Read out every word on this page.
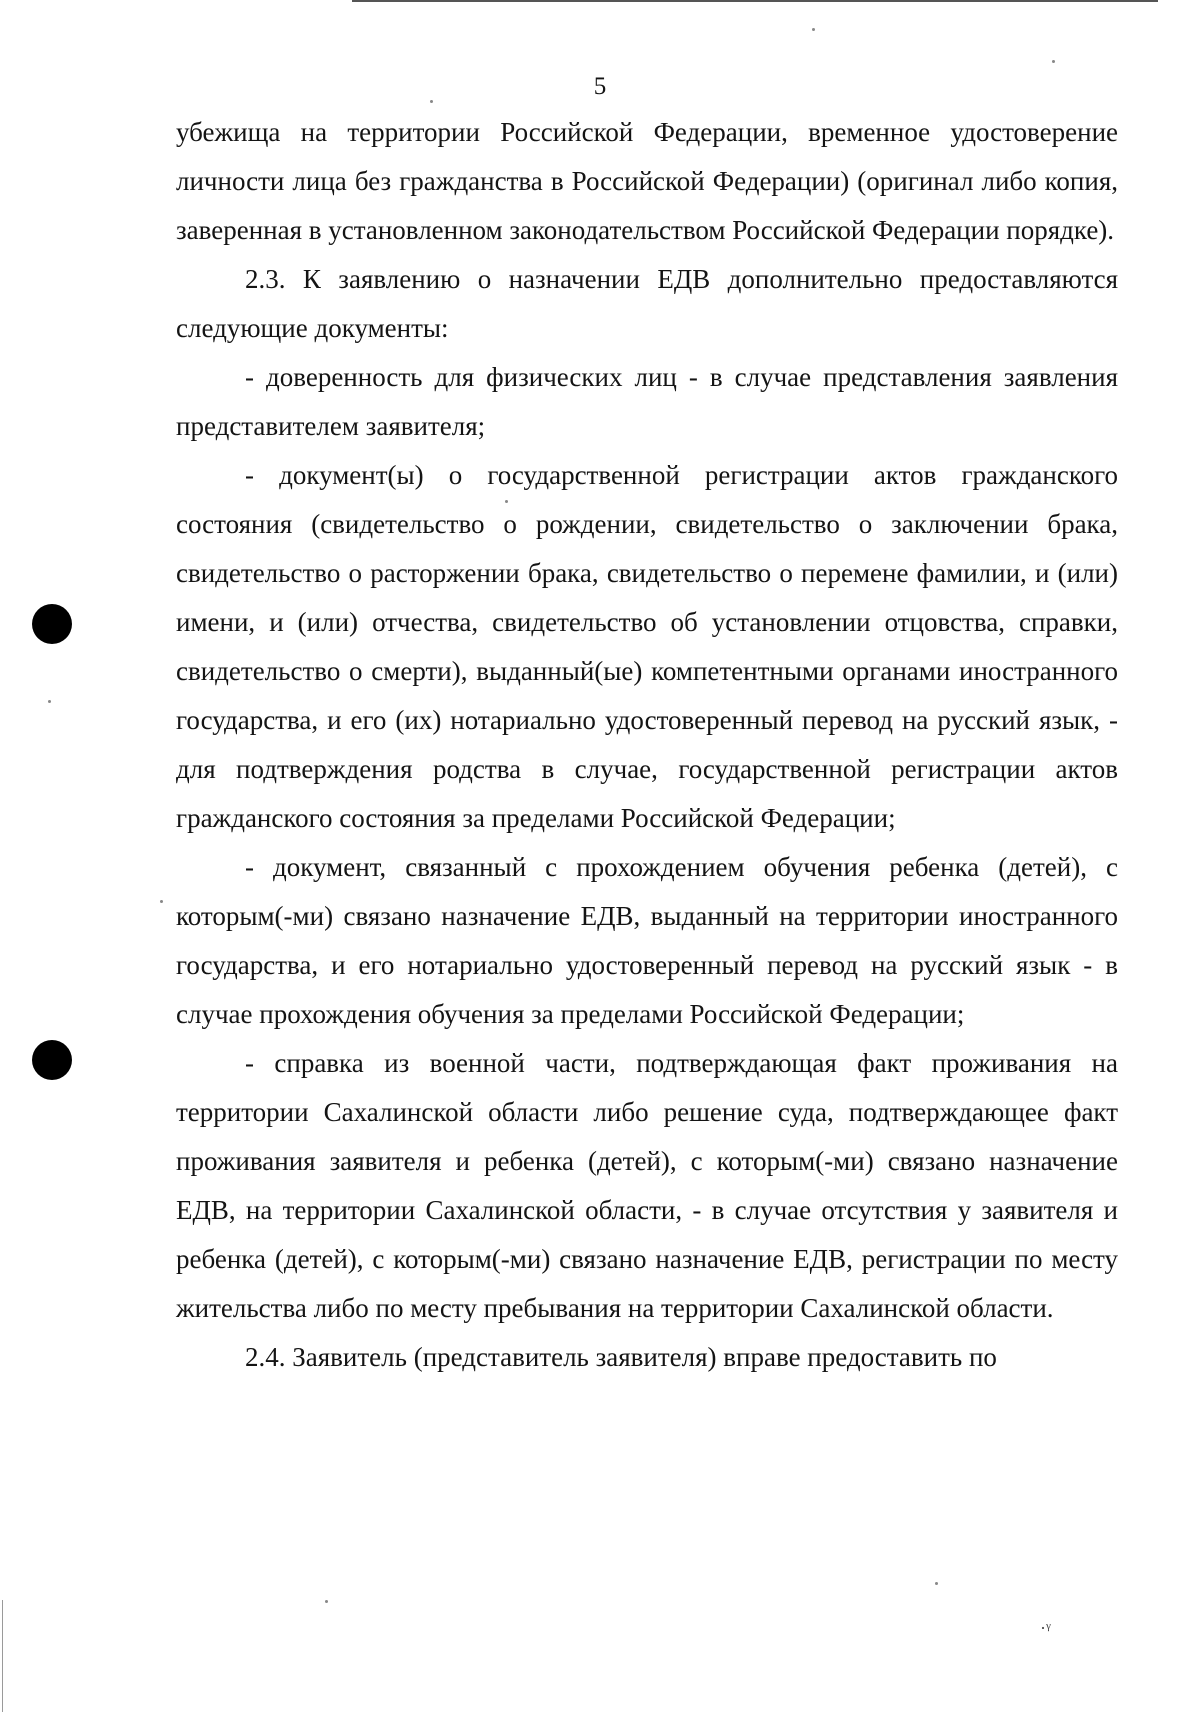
5

убежища на территории Российской Федерации, временное удостоверение личности лица без гражданства в Российской Федерации) (оригинал либо копия, заверенная в установленном законодательством Российской Федерации порядке).

2.3. К заявлению о назначении ЕДВ дополнительно предоставляются следующие документы:

- доверенность для физических лиц - в случае представления заявления представителем заявителя;

- документ(ы) о государственной регистрации актов гражданского состояния (свидетельство о рождении, свидетельство о заключении брака, свидетельство о расторжении брака, свидетельство о перемене фамилии, и (или) имени, и (или) отчества, свидетельство об установлении отцовства, справки, свидетельство о смерти), выданный(ые) компетентными органами иностранного государства, и его (их) нотариально удостоверенный перевод на русский язык, - для подтверждения родства в случае, государственной регистрации актов гражданского состояния за пределами Российской Федерации;

- документ, связанный с прохождением обучения ребенка (детей), с которым(-ми) связано назначение ЕДВ, выданный на территории иностранного государства, и его нотариально удостоверенный перевод на русский язык - в случае прохождения обучения за пределами Российской Федерации;

- справка из военной части, подтверждающая факт проживания на территории Сахалинской области либо решение суда, подтверждающее факт проживания заявителя и ребенка (детей), с которым(-ми) связано назначение ЕДВ, на территории Сахалинской области, - в случае отсутствия у заявителя и ребенка (детей), с которым(-ми) связано назначение ЕДВ, регистрации по месту жительства либо по месту пребывания на территории Сахалинской области.

2.4. Заявитель (представитель заявителя) вправе предоставить по

·ᵞ
